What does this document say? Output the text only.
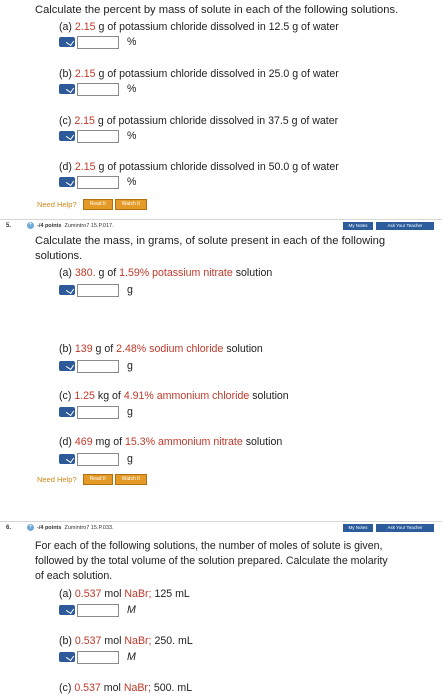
Calculate the percent by mass of solute in each of the following solutions.
(a) 2.15 g of potassium chloride dissolved in 12.5 g of water
%
(b) 2.15 g of potassium chloride dissolved in 25.0 g of water
%
(c) 2.15 g of potassium chloride dissolved in 37.5 g of water
%
(d) 2.15 g of potassium chloride dissolved in 50.0 g of water
%
Need Help?	Read It	Watch It
5.	+ -/4 points Zumintro7 15.P.017.	My Notes	Ask Your Teacher
Calculate the mass, in grams, of solute present in each of the following
solutions.
(a) 380. g of 1.59% potassium nitrate solution
g
(b) 139 g of 2.48% sodium chloride solution
g
(c) 1.25 kg of 4.91% ammonium chloride solution
g
(d) 469 mg of 15.3% ammonium nitrate solution
g
Need Help?	Read It	Watch It
6.	+ -/4 points Zumintro7 15.P.033.	My Notes	Ask Your Teacher
For each of the following solutions, the number of moles of solute is given,
followed by the total volume of the solution prepared. Calculate the molarity
of each solution.
(a) 0.537 mol NaBr; 125 mL
M
(b) 0.537 mol NaBr; 250. mL
M
(c) 0.537 mol NaBr; 500. mL
